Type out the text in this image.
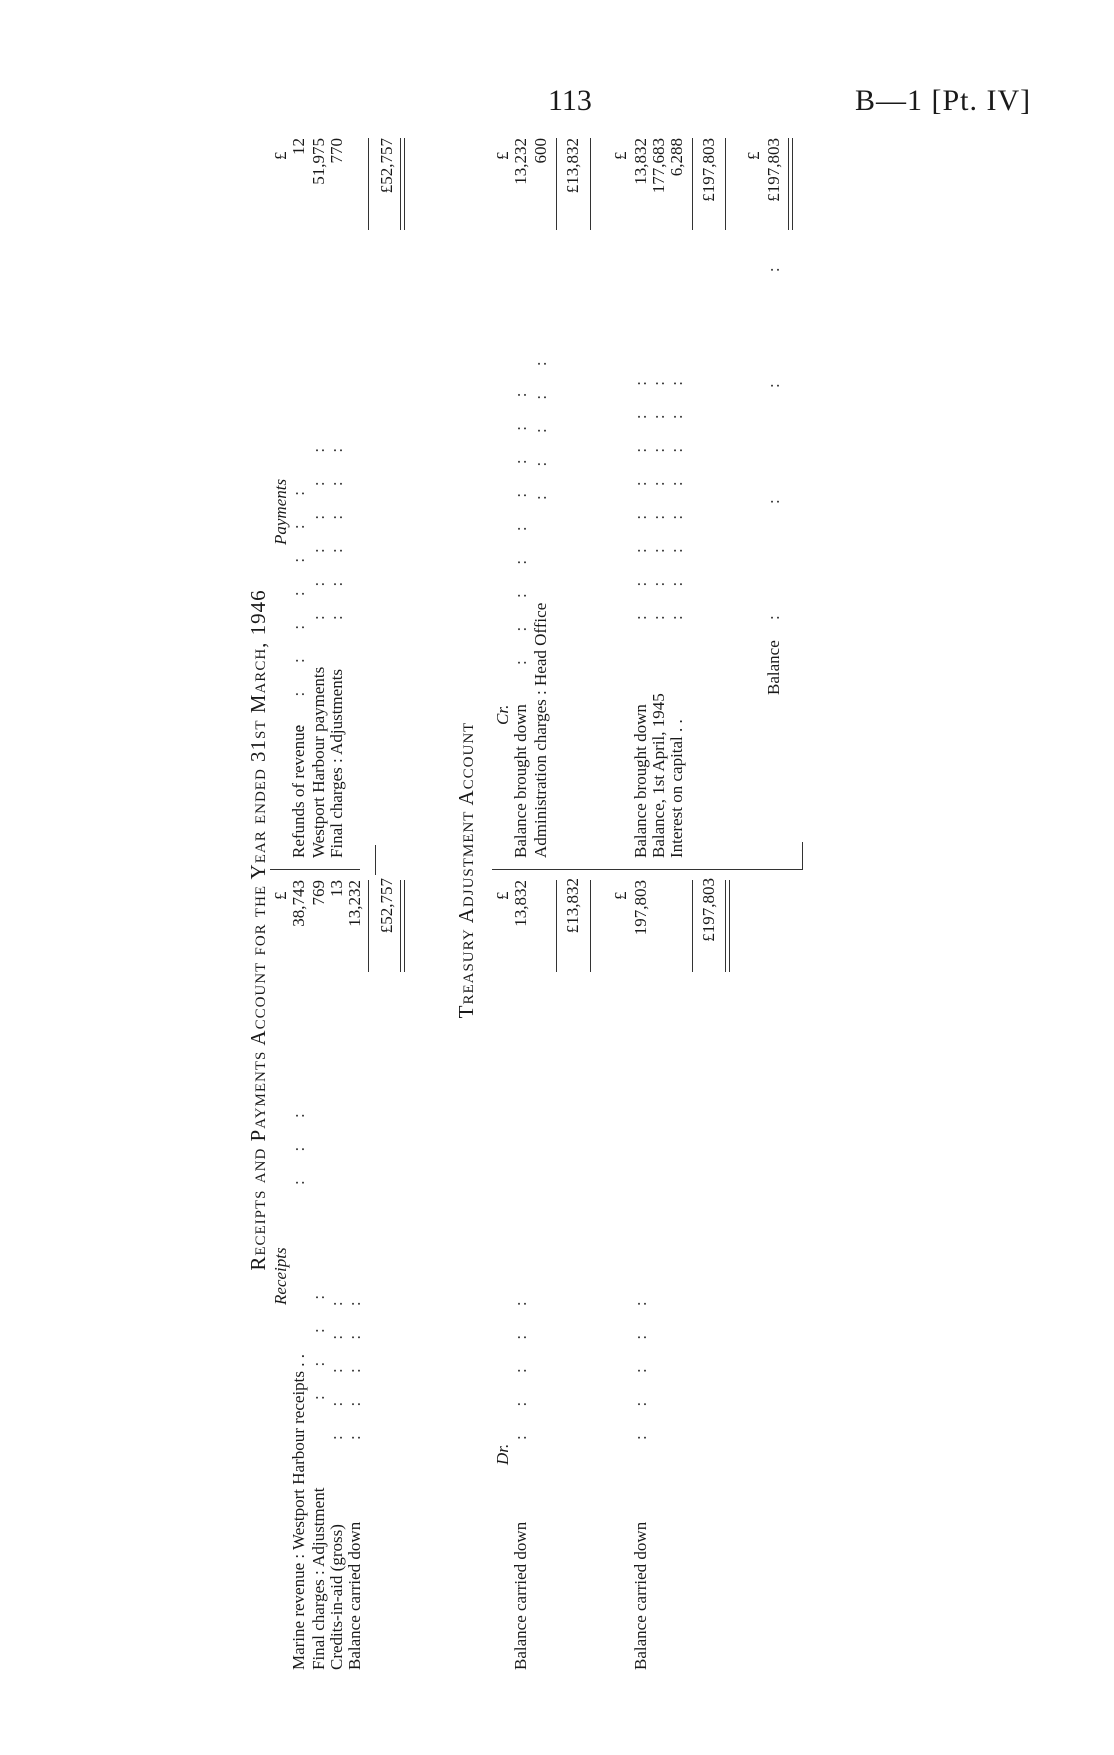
113	B—1 [Pt. IV]
Receipts and Payments Account for the Year ended 31st March, 1946
Receipts
Payments
Marine revenue : Westport Harbour receipts . .
:   :   :
Final charges : Adjustment
:   :   :   :
Credits-in-aid (gross)
:   :   :   :   :
Balance carried down
:   :   :   :   :
£ 38,743 769 13 13,232 £52,757
Refunds of revenue
:   :   :   :   :   :   :   :
Westport Harbour payments
:   :   :   :   :   :
Final charges : Adjustments
:   :   :   :   :   :
£
12 51,975 770 £52,757
Treasury Adjustment Account
Dr.
Cr.
Balance carried down
:   :   :   :   :
£ 13,832 £13,832 £
Balance carried down
:   :   :   :   :
197,803	£197,803
Balance brought down
:   :   :   :   :   :   :   :   :
Administration charges : Head Office
:   :   :   :   :
£ 13,232 600 £13,832 £
Balance brought down
:   :   :   :   :   :   :   :
Balance, 1st April, 1945
:   :   :   :   :   :   :   :
Interest on capital . .
:   :   :   :   :   :   :   :
13,832 177,683 6,288 £197,803 £
Balance
:             :             :             :
£197,803
